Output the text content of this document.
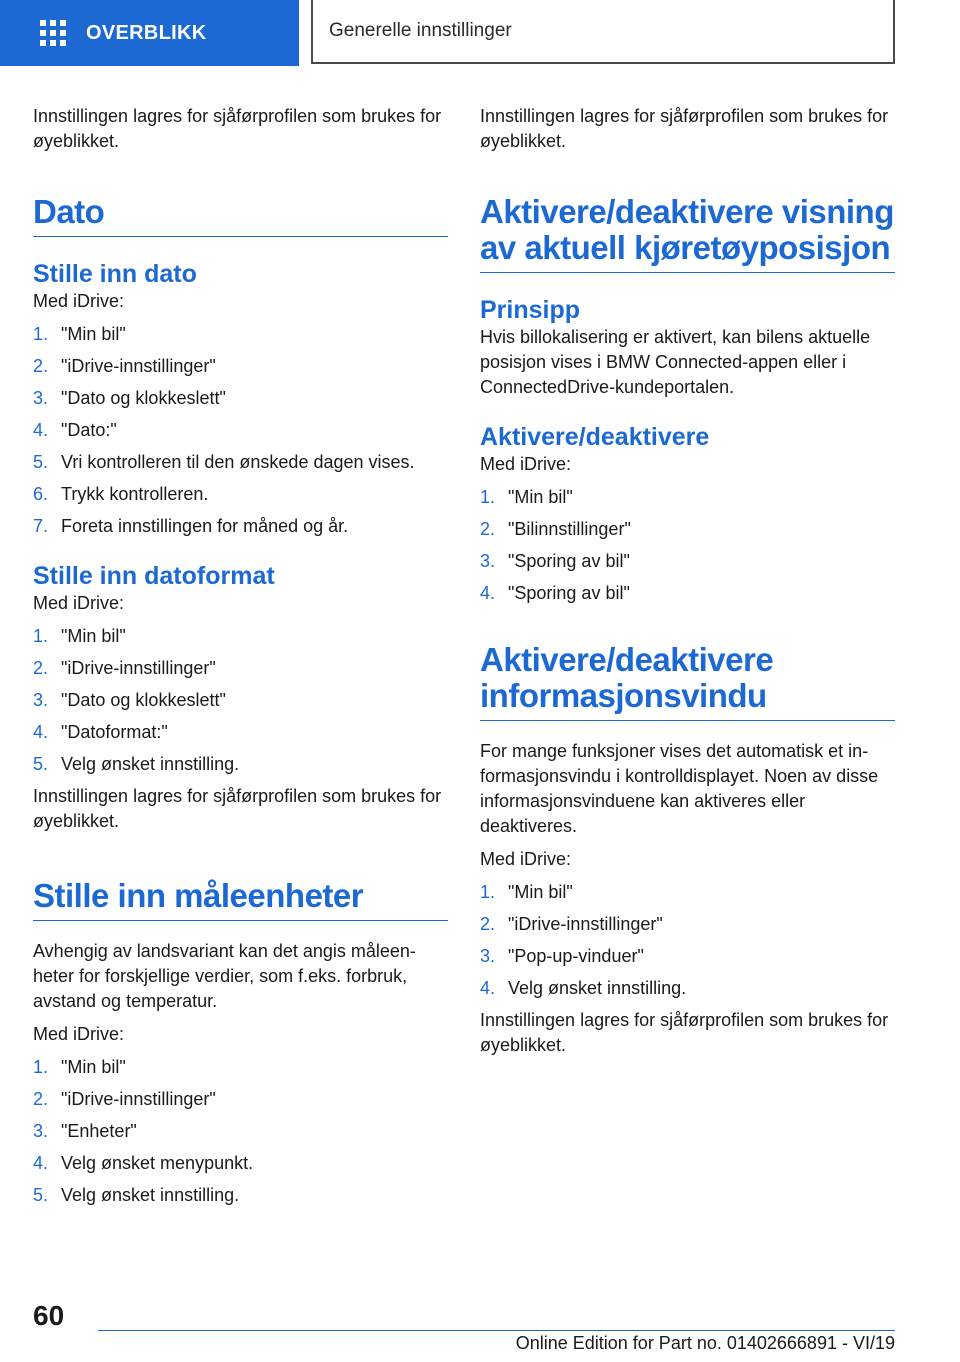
OVERBLIKK	Generelle innstillinger

Innstillingen lagres for sjåførprofilen som brukes for øyeblikket.

Dato
Stille inn dato

Med iDrive:

1. "Min bil"
2. "iDrive-innstillinger"
3. "Dato og klokkeslett"
4. "Dato:"
5. Vri kontrolleren til den ønskede dagen vises.
6. Trykk kontrolleren.
7. Foreta innstillingen for måned og år.
Stille inn datoformat

Med iDrive:

1. "Min bil"
2. "iDrive-innstillinger"
3. "Dato og klokkeslett"
4. "Datoformat:"
5. Velg ønsket innstilling.

Innstillingen lagres for sjåførprofilen som brukes for øyeblikket.

Stille inn måleenheter

Avhengig av landsvariant kan det angis måleenheter for forskjellige verdier, som f.eks. forbruk, avstand og temperatur.

Med iDrive:

1. "Min bil"
2. "iDrive-innstillinger"
3. "Enheter"
4. Velg ønsket menypunkt.
5. Velg ønsket innstilling.

Innstillingen lagres for sjåførprofilen som brukes for øyeblikket.

Aktivere/deaktivere visning av aktuell kjøretøyposisjon
Prinsipp

Hvis billokalisering er aktivert, kan bilens aktuelle posisjon vises i BMW Connected-appen eller i ConnectedDrive-kundeportalen.

Aktivere/deaktivere

Med iDrive:

1. "Min bil"
2. "Bilinnstillinger"
3. "Sporing av bil"
4. "Sporing av bil"
Aktivere/deaktivere informasjonsvindu

For mange funksjoner vises det automatisk et informasjonsvindu i kontrolldisplayet. Noen av disse informasjonsvinduene kan aktiveres eller deaktiveres.

Med iDrive:

1. "Min bil"
2. "iDrive-innstillinger"
3. "Pop-up-vinduer"
4. Velg ønsket innstilling.

Innstillingen lagres for sjåførprofilen som brukes for øyeblikket.

60
Online Edition for Part no. 01402666891 - VI/19
